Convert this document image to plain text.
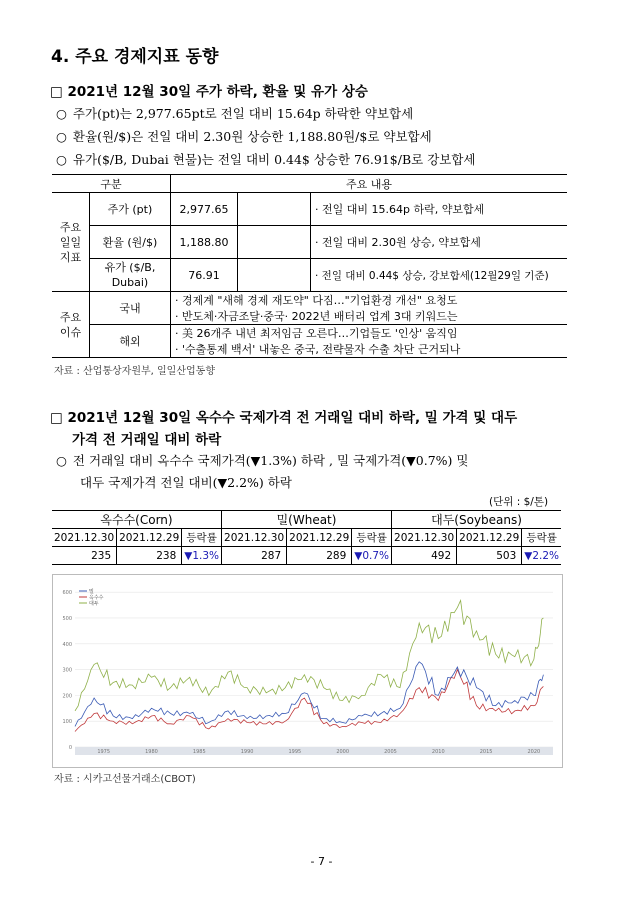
4. 주요 경제지표 동향
□ 2021년 12월 30일 주가 하락, 환율 및 유가 상승
○ 주가(pt)는 2,977.65pt로 전일 대비 15.64p 하락한 약보합세
○ 환율(원/$)은 전일 대비 2.30원 상승한 1,188.80원/$로 약보합세
○ 유가($/B, Dubai 현물)는 전일 대비 0.44$ 상승한 76.91$/B로 강보합세
구분		주요 내용		
주요 일일 지표	주가 (pt)	2,977.65		· 전일 대비 15.64p 하락, 약보합세
	환율 (원/$)	1,188.80		· 전일 대비 2.30원 상승, 약보합세
	유가 ($/B, Dubai)	76.91		· 전일 대비 0.44$ 상승, 강보합세(12월29일 기준)
주요 이슈	국내	· 경제계 "새해 경제 재도약" 다짐…"기업환경 개선" 요청도		
		· 반도체·자금조달·중국· 2022년 배터리 업계 3대 키워드는		
	해외	· 美 26개주 내년 최저임금 오른다…기업들도 '인상' 움직임		
		· '수출통제 백서' 내놓은 중국, 전략물자 수출 차단 근거되나		
자료 : 산업통상자원부, 일일산업동향
□ 2021년 12월 30일 옥수수 국제가격 전 거래일 대비 하락, 밀 가격 및 대두
가격 전 거래일 대비 하락
○ 전 거래일 대비 옥수수 국제가격(▼1.3%) 하락 , 밀 국제가격(▼0.7%) 및
대두 국제가격 전일 대비(▼2.2%) 하락
(단위 : $/톤)
옥수수(Corn)			밀(Wheat)			대두(Soybeans)		
2021.12.30	2021.12.29	등락률	2021.12.30	2021.12.29	등락률	2021.12.30	2021.12.29	등락률
235	238	▼1.3%	287	289	▼0.7%	492	503	▼2.2%
0
100
200
300
400
500
600
1975	1980	1985	1990	1995	2000	2005	2010	2015	2020
밀
옥수수
대두
자료 : 시카고선물거래소(CBOT)
- 7 -
